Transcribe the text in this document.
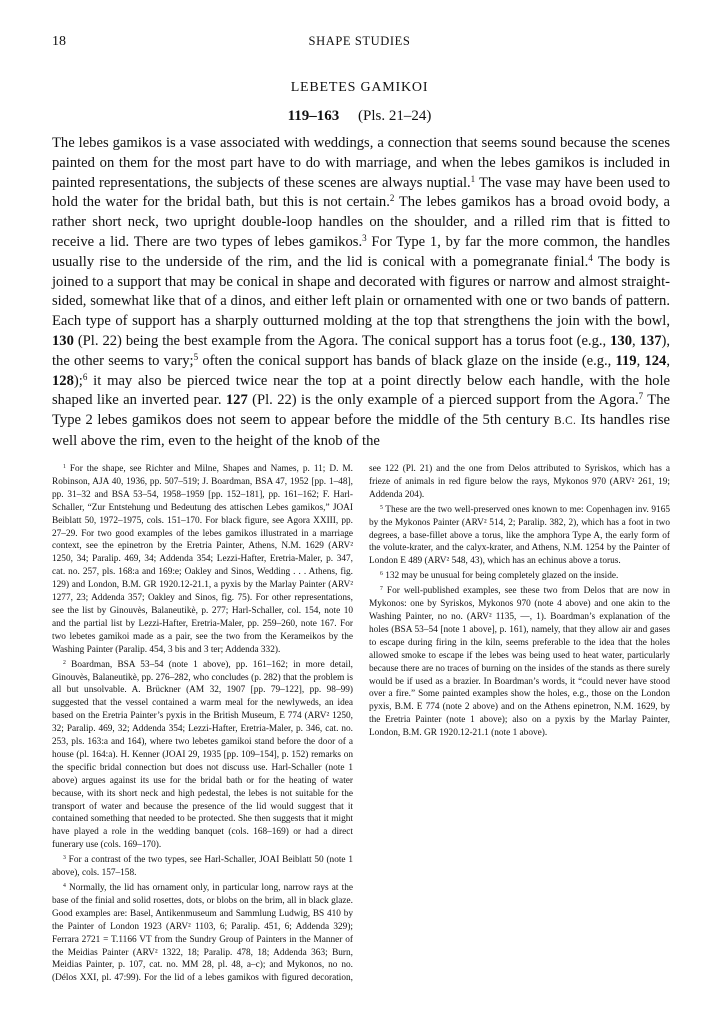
18	SHAPE STUDIES
LEBETES GAMIKOI
119–163 (Pls. 21–24)

The lebes gamikos is a vase associated with weddings, a connection that seems sound because the scenes painted on them for the most part have to do with marriage, and when the lebes gamikos is included in painted representations, the subjects of these scenes are always nuptial.$^1$ The vase may have been used to hold the water for the bridal bath, but this is not certain.$^2$ The lebes gamikos has a broad ovoid body, a rather short neck, two upright double-loop handles on the shoulder, and a rilled rim that is fitted to receive a lid. There are two types of lebes gamikos.$^3$ For Type 1, by far the more common, the handles usually rise to the underside of the rim, and the lid is conical with a pomegranate finial.$^4$ The body is joined to a support that may be conical in shape and decorated with figures or narrow and almost straight-sided, somewhat like that of a dinos, and either left plain or ornamented with one or two bands of pattern. Each type of support has a sharply outturned molding at the top that strengthens the join with the bowl, 130 (Pl. 22) being the best example from the Agora. The conical support has a torus foot (e.g., 130, 137), the other seems to vary;$^5$ often the conical support has bands of black glaze on the inside (e.g., 119, 124, 128);$^6$ it may also be pierced twice near the top at a point directly below each handle, with the hole shaped like an inverted pear. 127 (Pl. 22) is the only example of a pierced support from the Agora.$^7$ The Type 2 lebes gamikos does not seem to appear before the middle of the 5th century B.C. Its handles rise well above the rim, even to the height of the knob of the

$^1$ For the shape, see Richter and Milne, Shapes and Names, p. 11; D. M. Robinson, AJA 40, 1936, pp. 507–519; J. Boardman, BSA 47, 1952 [pp. 1–48], pp. 31–32 and BSA 53–54, 1958–1959 [pp. 152–181], pp. 161–162; F. Harl-Schaller, “Zur Entstehung und Bedeutung des attischen Lebes gamikos,” JOAI Beiblatt 50, 1972–1975, cols. 151–170. For black figure, see Agora XXIII, pp. 27–29. For two good examples of the lebes gamikos illustrated in a marriage context, see the epinetron by the Eretria Painter, Athens, N.M. 1629 (ARV² 1250, 34; Paralip. 469, 34; Addenda 354; Lezzi-Hafter, Eretria-Maler, p. 347, cat. no. 257, pls. 168:a and 169:e; Oakley and Sinos, Wedding . . . Athens, fig. 129) and London, B.M. GR 1920.12-21.1, a pyxis by the Marlay Painter (ARV² 1277, 23; Addenda 357; Oakley and Sinos, fig. 75). For other representations, see the list by Ginouvès, Balaneutikè, p. 277; Harl-Schaller, col. 154, note 10 and the partial list by Lezzi-Hafter, Eretria-Maler, pp. 259–260, note 167. For two lebetes gamikoi made as a pair, see the two from the Kerameikos by the Washing Painter (Paralip. 454, 3 bis and 3 ter; Addenda 332).

$^2$ Boardman, BSA 53–54 (note 1 above), pp. 161–162; in more detail, Ginouvès, Balaneutikè, pp. 276–282, who concludes (p. 282) that the problem is all but unsolvable. A. Brückner (AM 32, 1907 [pp. 79–122], pp. 98–99) suggested that the vessel contained a warm meal for the newlyweds, an idea based on the Eretria Painter’s pyxis in the British Museum, E 774 (ARV² 1250, 32; Paralip. 469, 32; Addenda 354; Lezzi-Hafter, Eretria-Maler, p. 346, cat. no. 253, pls. 163:a and 164), where two lebetes gamikoi stand before the door of a house (pl. 164:a). H. Kenner (JOAI 29, 1935 [pp. 109–154], p. 152) remarks on the specific bridal connection but does not discuss use. Harl-Schaller (note 1 above) argues against its use for the bridal bath or for the heating of water because, with its short neck and high pedestal, the lebes is not suitable for the transport of water and because the presence of the lid would suggest that it contained something that needed to be protected. She then suggests that it might have played a role in the wedding banquet (cols. 168–169) or had a direct funerary use (cols. 169–170).

$^3$ For a contrast of the two types, see Harl-Schaller, JOAI Beiblatt 50 (note 1 above), cols. 157–158.

$^4$ Normally, the lid has ornament only, in particular long, narrow rays at the base of the finial and solid rosettes, dots, or blobs on the brim, all in black glaze. Good examples are: Basel, Antikenmuseum and Sammlung Ludwig, BS 410 by the Painter of London 1923 (ARV² 1103, 6; Paralip. 451, 6; Addenda 329); Ferrara 2721 = T.1166 VT from the Sundry Group of Painters in the Manner of the Meidias Painter (ARV² 1322, 18; Paralip. 478, 18; Addenda 363; Burn, Meidias Painter, p. 107, cat. no. MM 28, pl. 48, a–c); and Mykonos, no no. (Délos XXI, pl. 47:99). For the lid of a lebes gamikos with figured decoration, see 122 (Pl. 21) and the one from Delos attributed to Syriskos, which has a frieze of animals in red figure below the rays, Mykonos 970 (ARV² 261, 19; Addenda 204).

$^5$ These are the two well-preserved ones known to me: Copenhagen inv. 9165 by the Mykonos Painter (ARV² 514, 2; Paralip. 382, 2), which has a foot in two degrees, a base-fillet above a torus, like the amphora Type A, the early form of the volute-krater, and the calyx-krater, and Athens, N.M. 1254 by the Painter of London E 489 (ARV² 548, 43), which has an echinus above a torus.

$^6$ 132 may be unusual for being completely glazed on the inside.

$^7$ For well-published examples, see these two from Delos that are now in Mykonos: one by Syriskos, Mykonos 970 (note 4 above) and one akin to the Washing Painter, no no. (ARV² 1135, —, 1). Boardman’s explanation of the holes (BSA 53–54 [note 1 above], p. 161), namely, that they allow air and gases to escape during firing in the kiln, seems preferable to the idea that the holes allowed smoke to escape if the lebes was being used to heat water, particularly because there are no traces of burning on the insides of the stands as there surely would be if used as a brazier. In Boardman’s words, it “could never have stood over a fire.” Some painted examples show the holes, e.g., those on the London pyxis, B.M. E 774 (note 2 above) and on the Athens epinetron, N.M. 1629, by the Eretria Painter (note 1 above); also on a pyxis by the Marlay Painter, London, B.M. GR 1920.12-21.1 (note 1 above).
